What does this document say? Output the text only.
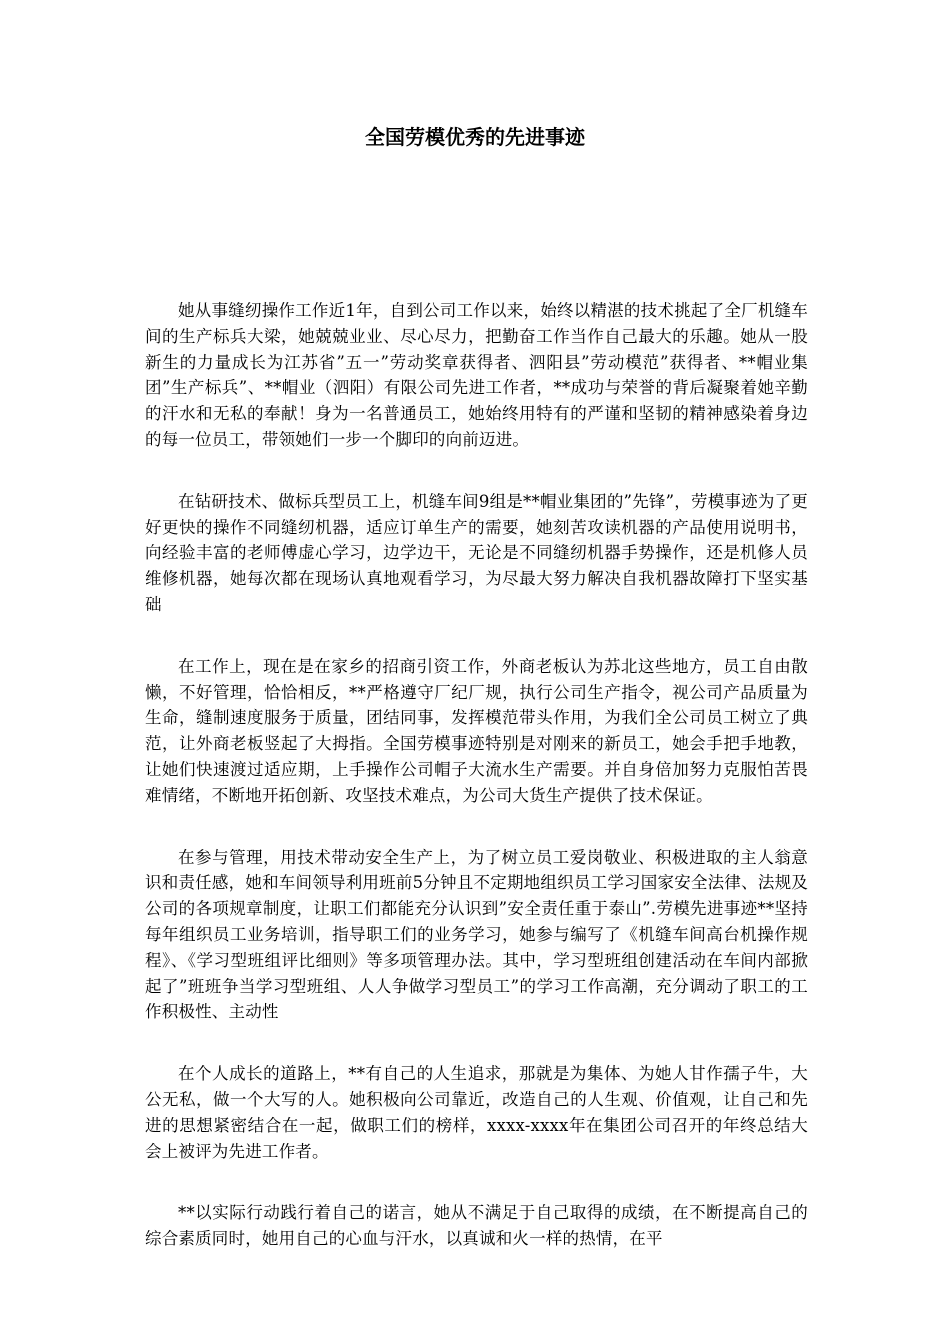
全国劳模优秀的先进事迹

她从事缝纫操作工作近1年，自到公司工作以来，始终以精湛的技术挑起了全厂机缝车间的生产标兵大梁，她兢兢业业、尽心尽力，把勤奋工作当作自己最大的乐趣。她从一股新生的力量成长为江苏省”五一”劳动奖章获得者、泗阳县”劳动模范”获得者、**帽业集团”生产标兵”、**帽业（泗阳）有限公司先进工作者，**成功与荣誉的背后凝聚着她辛勤的汗水和无私的奉献！身为一名普通员工，她始终用特有的严谨和坚韧的精神感染着身边的每一位员工，带领她们一步一个脚印的向前迈进。

在钻研技术、做标兵型员工上，机缝车间9组是**帽业集团的”先锋”，劳模事迹为了更好更快的操作不同缝纫机器，适应订单生产的需要，她刻苦攻读机器的产品使用说明书，向经验丰富的老师傅虚心学习，边学边干，无论是不同缝纫机器手势操作，还是机修人员维修机器，她每次都在现场认真地观看学习，为尽最大努力解决自我机器故障打下坚实基础

在工作上，现在是在家乡的招商引资工作，外商老板认为苏北这些地方，员工自由散懒，不好管理，恰恰相反，**严格遵守厂纪厂规，执行公司生产指令，视公司产品质量为生命，缝制速度服务于质量，团结同事，发挥模范带头作用，为我们全公司员工树立了典范，让外商老板竖起了大拇指。全国劳模事迹特别是对刚来的新员工，她会手把手地教，让她们快速渡过适应期，上手操作公司帽子大流水生产需要。并自身倍加努力克服怕苦畏难情绪，不断地开拓创新、攻坚技术难点，为公司大货生产提供了技术保证。

在参与管理，用技术带动安全生产上，为了树立员工爱岗敬业、积极进取的主人翁意识和责任感，她和车间领导利用班前5分钟且不定期地组织员工学习国家安全法律、法规及公司的各项规章制度，让职工们都能充分认识到”安全责任重于泰山”.劳模先进事迹**坚持每年组织员工业务培训，指导职工们的业务学习，她参与编写了《机缝车间高台机操作规程》、《学习型班组评比细则》等多项管理办法。其中，学习型班组创建活动在车间内部掀起了”班班争当学习型班组、人人争做学习型员工”的学习工作高潮，充分调动了职工的工作积极性、主动性

在个人成长的道路上，**有自己的人生追求，那就是为集体、为她人甘作孺子牛，大公无私，做一个大写的人。她积极向公司靠近，改造自己的人生观、价值观，让自己和先进的思想紧密结合在一起，做职工们的榜样，xxxx-xxxx年在集团公司召开的年终总结大会上被评为先进工作者。

**以实际行动践行着自己的诺言，她从不满足于自己取得的成绩，在不断提高自己的综合素质同时，她用自己的心血与汗水，以真诚和火一样的热情，在平
